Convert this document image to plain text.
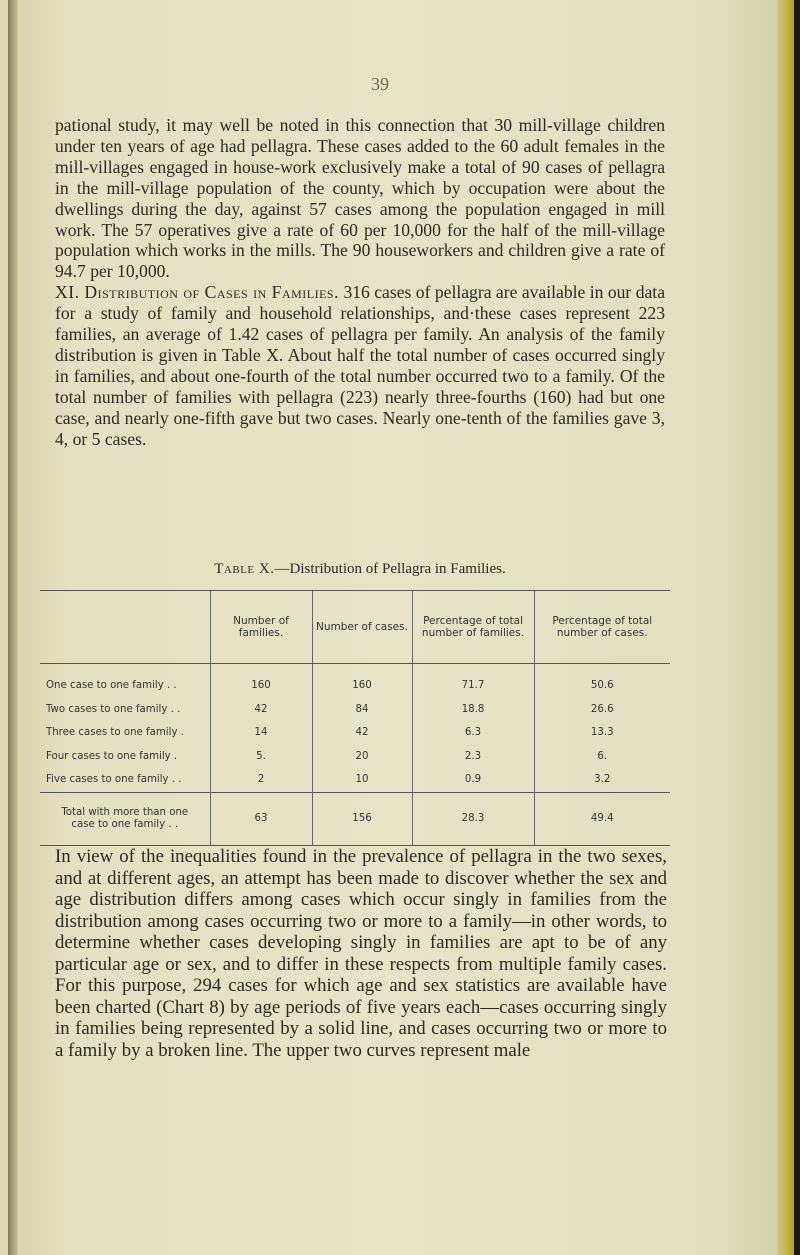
39

pational study, it may well be noted in this connection that 30 mill-village children under ten years of age had pellagra. These cases added to the 60 adult females in the mill-villages engaged in house-work exclusively make a total of 90 cases of pellagra in the mill-village population of the county, which by occupation were about the dwellings during the day, against 57 cases among the population engaged in mill work. The 57 operatives give a rate of 60 per 10,000 for the half of the mill-village population which works in the mills. The 90 houseworkers and children give a rate of 94.7 per 10,000.
XI. Distribution of Cases in Families. 316 cases of pellagra are available in our data for a study of family and household relationships, and·these cases represent 223 families, an average of 1.42 cases of pellagra per family. An analysis of the family distribution is given in Table X. About half the total number of cases occurred singly in families, and about one-fourth of the total number occurred two to a family. Of the total number of families with pellagra (223) nearly three-fourths (160) had but one case, and nearly one-fifth gave but two cases. Nearly one-tenth of the families gave 3, 4, or 5 cases.

Table X.—Distribution of Pellagra in Families.
	Number of families.	Number of cases.	Percentage of total number of families.	Percentage of total number of cases.
One case to one family . .	160	160	71.7	50.6
Two cases to one family . .	42	84	18.8	26.6
Three cases to one family .	14	42	6.3	13.3
Four cases to one family .	5.	20	2.3	6.
Five cases to one family . .	2	10	0.9	3.2
Total with more than one
case to one family . .	63	156	28.3	49.4

In view of the inequalities found in the prevalence of pellagra in the two sexes, and at different ages, an attempt has been made to discover whether the sex and age distribution differs among cases which occur singly in families from the distribution among cases occurring two or more to a family—in other words, to determine whether cases developing singly in families are apt to be of any particular age or sex, and to differ in these respects from multiple family cases. For this purpose, 294 cases for which age and sex statistics are available have been charted (Chart 8) by age periods of five years each—cases occurring singly in families being represented by a solid line, and cases occurring two or more to a family by a broken line. The upper two curves represent male
